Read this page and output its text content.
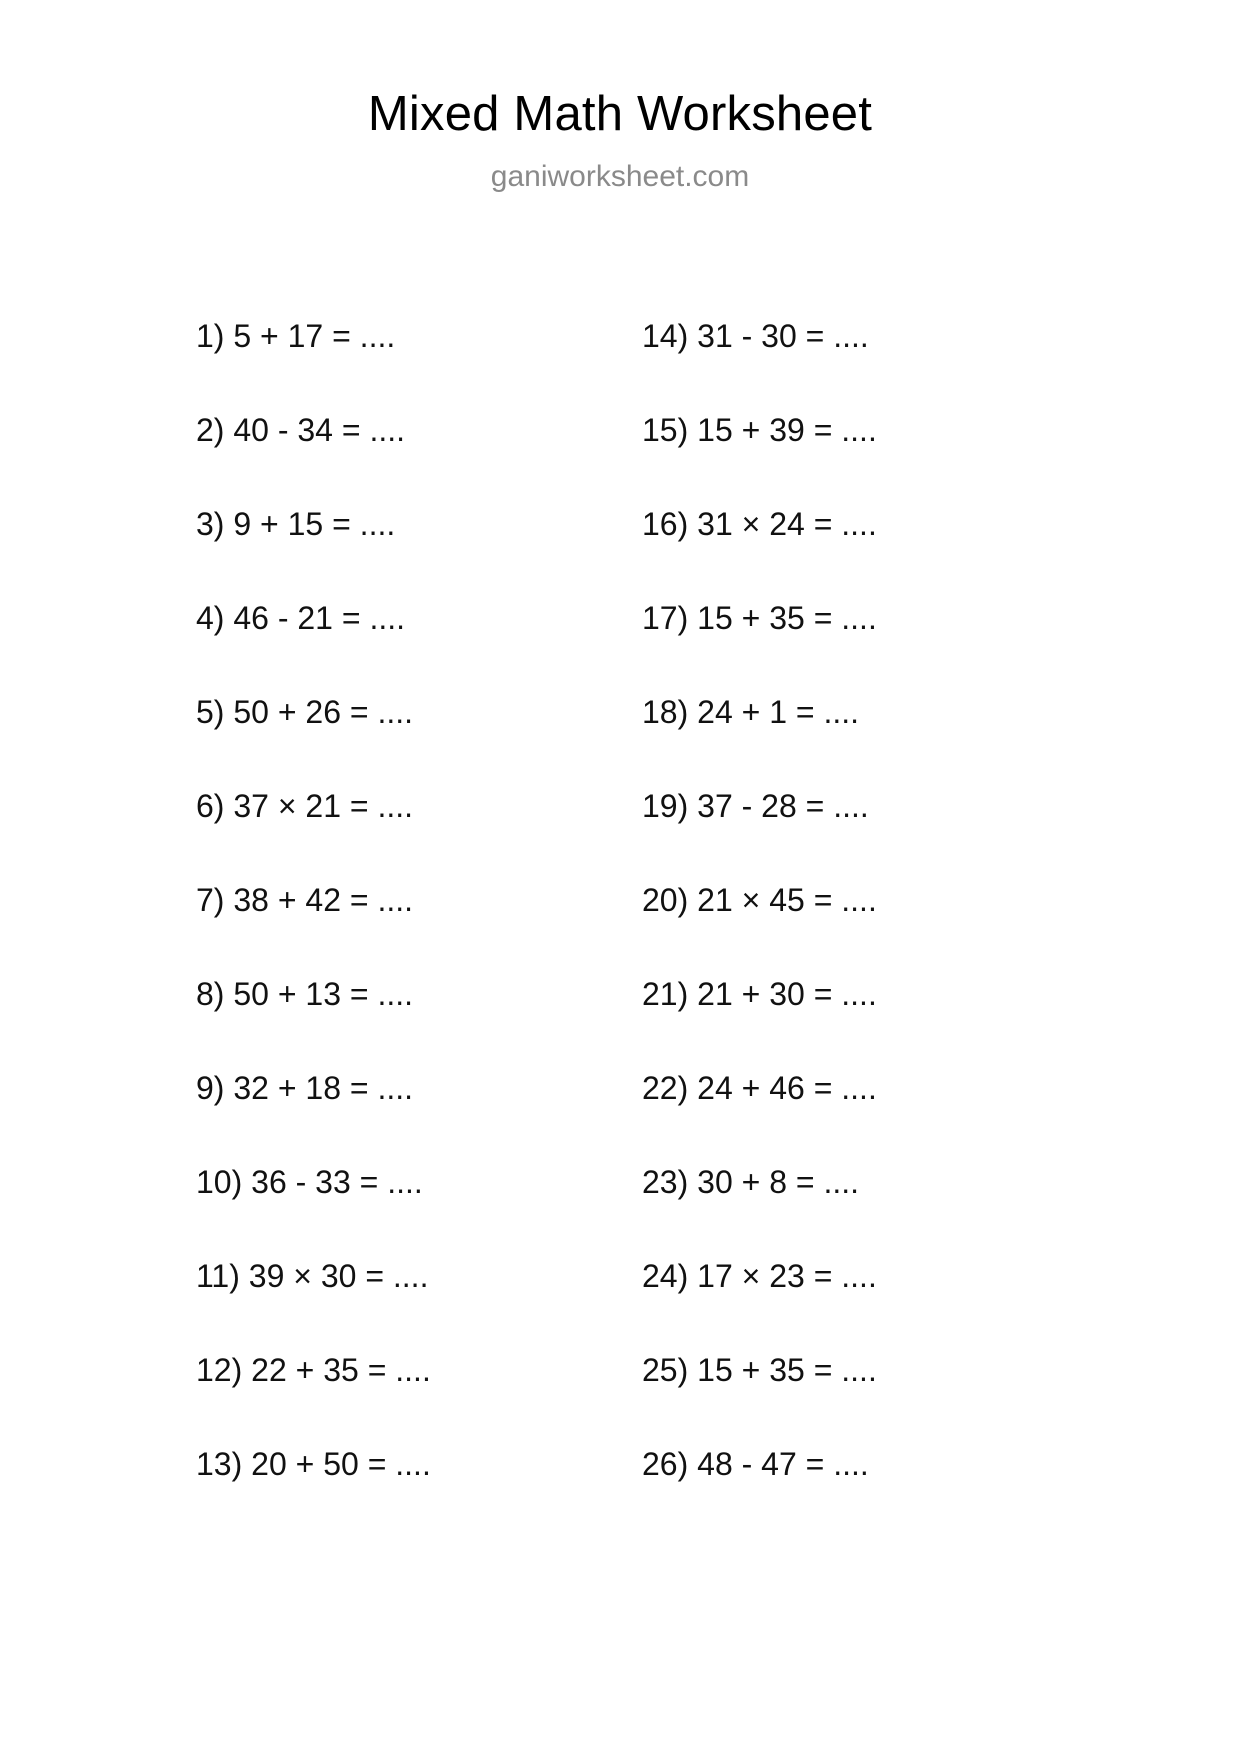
Mixed Math Worksheet
ganiworksheet.com
1) 5 + 17 = ....
2) 40 - 34 = ....
3) 9 + 15 = ....
4) 46 - 21 = ....
5) 50 + 26 = ....
6) 37 × 21 = ....
7) 38 + 42 = ....
8) 50 + 13 = ....
9) 32 + 18 = ....
10) 36 - 33 = ....
11) 39 × 30 = ....
12) 22 + 35 = ....
13) 20 + 50 = ....
14) 31 - 30 = ....
15) 15 + 39 = ....
16) 31 × 24 = ....
17) 15 + 35 = ....
18) 24 + 1 = ....
19) 37 - 28 = ....
20) 21 × 45 = ....
21) 21 + 30 = ....
22) 24 + 46 = ....
23) 30 + 8 = ....
24) 17 × 23 = ....
25) 15 + 35 = ....
26) 48 - 47 = ....
